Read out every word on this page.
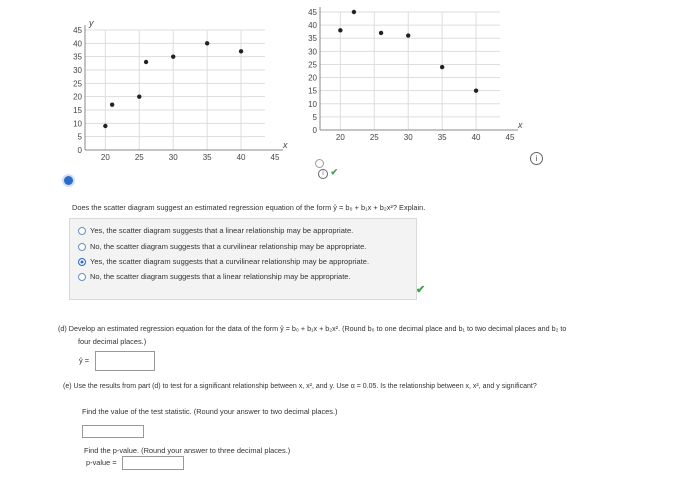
45
40
35
30
25
20
15
10
5
0
20	25	30	35	40	45
y
x
45
40
35
30
25
20
15
10
5
0
20	25	30	35	40	45
x
i ✔
i
Does the scatter diagram suggest an estimated regression equation of the form ŷ = b₀ + b₁x + b₂x²? Explain.
Yes, the scatter diagram suggests that a linear relationship may be appropriate.
No, the scatter diagram suggests that a curvilinear relationship may be appropriate.
Yes, the scatter diagram suggests that a curvilinear relationship may be appropriate.
No, the scatter diagram suggests that a linear relationship may be appropriate.
✔
(d) Develop an estimated regression equation for the data of the form ŷ = b₀ + b₁x + b₂x². (Round b₀ to one decimal place and b₁ to two decimal places and b₂ to
four decimal places.)
ŷ =
(e) Use the results from part (d) to test for a significant relationship between x, x², and y. Use α = 0.05. Is the relationship between x, x², and y significant?
Find the value of the test statistic. (Round your answer to two decimal places.)
Find the p-value. (Round your answer to three decimal places.)
p-value =
